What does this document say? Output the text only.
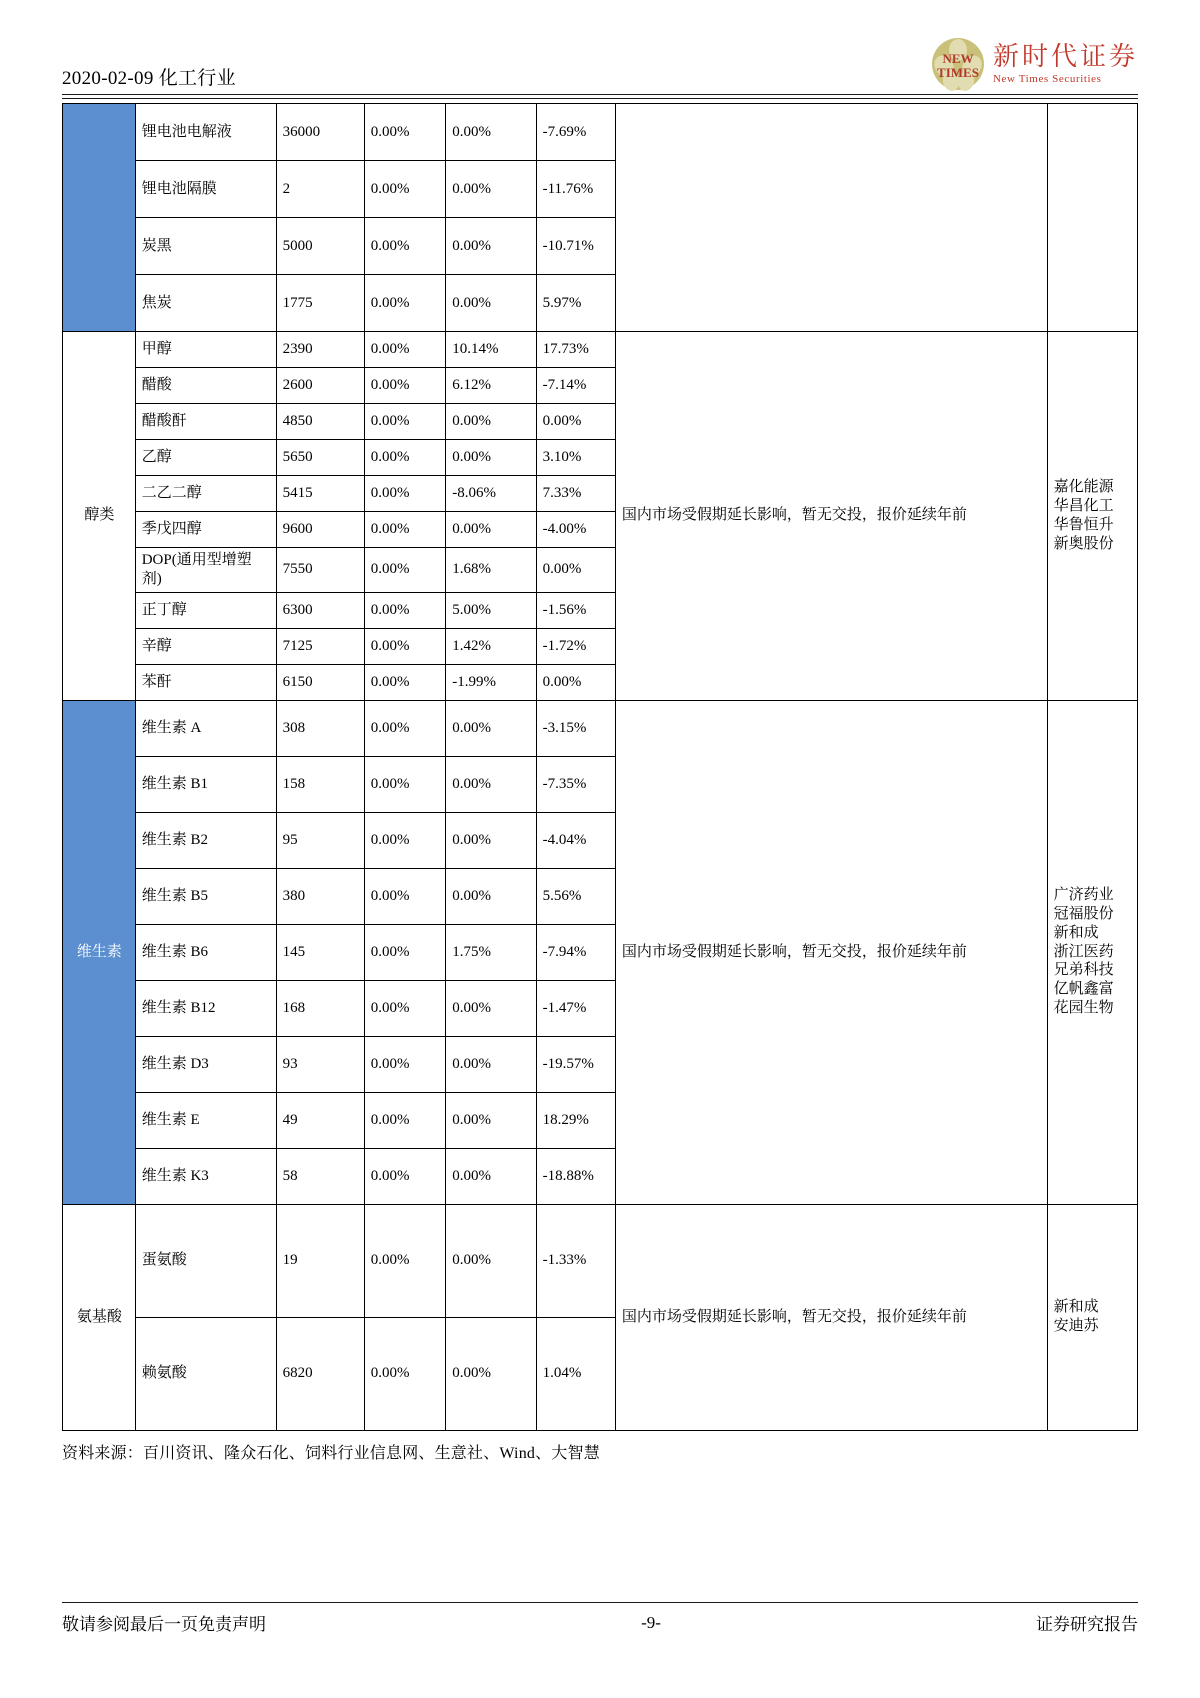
2020-02-09 化工行业
NEW
TIMES
新时代证券
New Times Securities
	锂电池电解液	36000	0.00%	0.00%	-7.69%		

	锂电池隔膜	2	0.00%	0.00%	-11.76%		
	炭黑	5000	0.00%	0.00%	-10.71%		
	焦炭	1775	0.00%	0.00%	5.97%		
醇类	甲醇	2390	0.00%	10.14%	17.73%	国内市场受假期延长影响，暂无交投，报价延续年前	嘉化能源
华昌化工
华鲁恒升
新奥股份

	醋酸	2600	0.00%	6.12%	-7.14%		
	醋酸酐	4850	0.00%	0.00%	0.00%		
	乙醇	5650	0.00%	0.00%	3.10%		
	二乙二醇	5415	0.00%	-8.06%	7.33%		
	季戊四醇	9600	0.00%	0.00%	-4.00%		
	DOP(通用型增塑剂)	7550	0.00%	1.68%	0.00%		
	正丁醇	6300	0.00%	5.00%	-1.56%		
	辛醇	7125	0.00%	1.42%	-1.72%		
	苯酐	6150	0.00%	-1.99%	0.00%		
维生素	维生素 A	308	0.00%	0.00%	-3.15%	国内市场受假期延长影响，暂无交投，报价延续年前	
广济药业
冠福股份
新和成
浙江医药
兄弟科技
亿帆鑫富
花园生物

	维生素 B1	158	0.00%	0.00%	-7.35%		
	维生素 B2	95	0.00%	0.00%	-4.04%		
	维生素 B5	380	0.00%	0.00%	5.56%		
	维生素 B6	145	0.00%	1.75%	-7.94%		
	维生素 B12	168	0.00%	0.00%	-1.47%		
	维生素 D3	93	0.00%	0.00%	-19.57%		
	维生素 E	49	0.00%	0.00%	18.29%		
	维生素 K3	58	0.00%	0.00%	-18.88%		
氨基酸	蛋氨酸	19	0.00%	0.00%	-1.33%	国内市场受假期延长影响，暂无交投，报价延续年前	新和成
安迪苏

	赖氨酸	6820	0.00%	0.00%	1.04%		
资料来源：百川资讯、隆众石化、饲料行业信息网、生意社、Wind、大智慧
敬请参阅最后一页免责声明	-9-	证券研究报告
